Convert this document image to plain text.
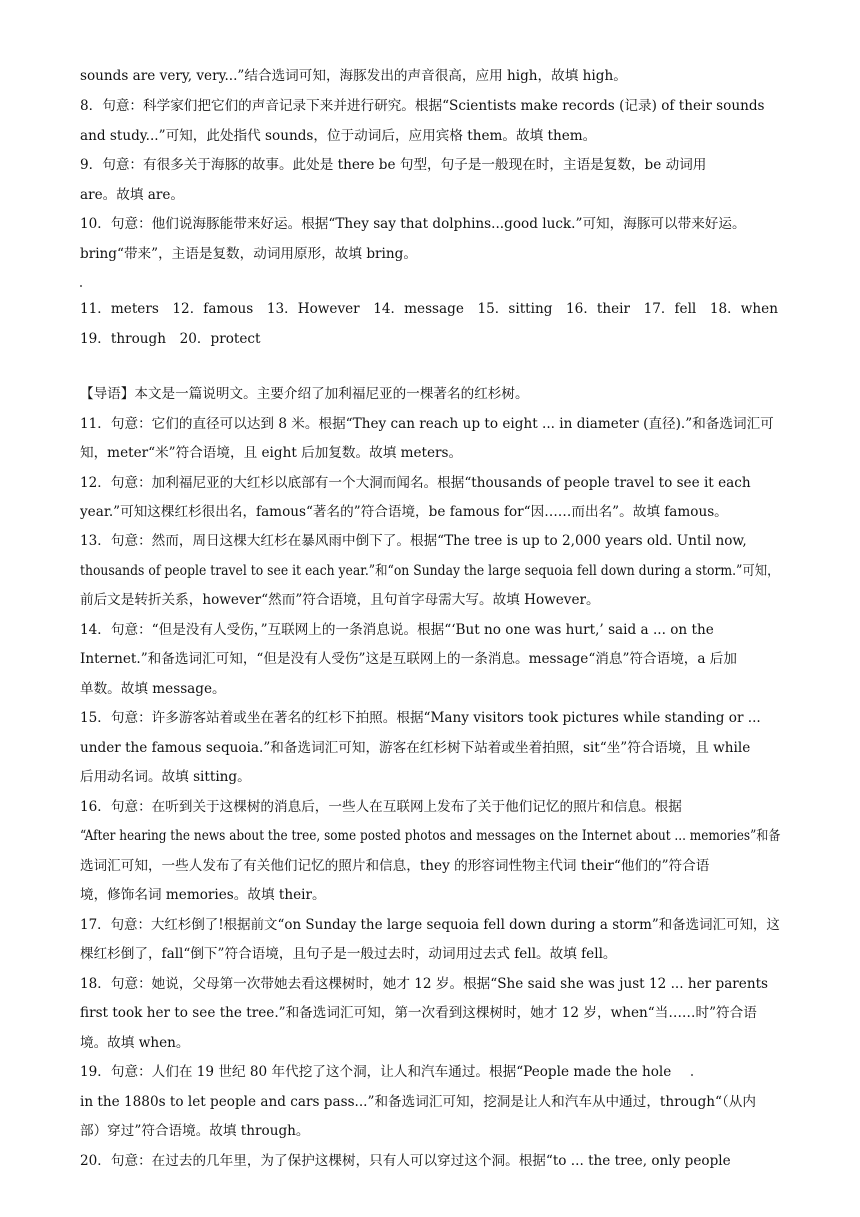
sounds are very, very...”结合选词可知，海豚发出的声音很高，应用 high，故填 high。
8．句意：科学家们把它们的声音记录下来并进行研究。根据“Scientists make records (记录) of their sounds
and study...”可知，此处指代 sounds，位于动词后，应用宾格 them。故填 them。
9．句意：有很多关于海豚的故事。此处是 there be 句型，句子是一般现在时，主语是复数，be 动词用
are。故填 are。
10．句意：他们说海豚能带来好运。根据“They say that dolphins...good luck.”可知，海豚可以带来好运。
bring“带来”，主语是复数，动词用原形，故填 bring。
11．meters　12．famous　13．However　14．message　15．sitting　16．their　17．fell　18．when
19．through　20．protect
【导语】本文是一篇说明文。主要介绍了加利福尼亚的一棵著名的红杉树。
11．句意：它们的直径可以达到 8 米。根据“They can reach up to eight ... in diameter (直径).”和备选词汇可
知，meter“米”符合语境，且 eight 后加复数。故填 meters。
12．句意：加利福尼亚的大红杉以底部有一个大洞而闻名。根据“thousands of people travel to see it each
year.”可知这棵红杉很出名，famous“著名的”符合语境，be famous for“因……而出名”。故填 famous。
13．句意：然而，周日这棵大红杉在暴风雨中倒下了。根据“The tree is up to 2,000 years old. Until now,
thousands of people travel to see it each year.”和“on Sunday the large sequoia fell down during a storm.”可知，
前后文是转折关系，however“然而”符合语境，且句首字母需大写。故填 However。
14．句意：“但是没有人受伤，”互联网上的一条消息说。根据“‘But no one was hurt,’ said a ... on the
Internet.”和备选词汇可知，“但是没有人受伤”这是互联网上的一条消息。message“消息”符合语境，a 后加
单数。故填 message。
15．句意：许多游客站着或坐在著名的红杉下拍照。根据“Many visitors took pictures while standing or ...
under the famous sequoia.”和备选词汇可知，游客在红杉树下站着或坐着拍照，sit“坐”符合语境，且 while
后用动名词。故填 sitting。
16．句意：在听到关于这棵树的消息后，一些人在互联网上发布了关于他们记忆的照片和信息。根据
“After hearing the news about the tree, some posted photos and messages on the Internet about ... memories”和备
选词汇可知，一些人发布了有关他们记忆的照片和信息，they 的形容词性物主代词 their“他们的”符合语
境，修饰名词 memories。故填 their。
17．句意：大红杉倒了!根据前文“on Sunday the large sequoia fell down during a storm”和备选词汇可知，这
棵红杉倒了，fall“倒下”符合语境，且句子是一般过去时，动词用过去式 fell。故填 fell。
18．句意：她说，父母第一次带她去看这棵树时，她才 12 岁。根据“She said she was just 12 ... her parents
first took her to see the tree.”和备选词汇可知，第一次看到这棵树时，她才 12 岁，when“当……时”符合语
境。故填 when。
19．句意：人们在 19 世纪 80 年代挖了这个洞，让人和汽车通过。根据“People made the hole
in the 1880s to let people and cars pass...”和备选词汇可知，挖洞是让人和汽车从中通过，through“（从内
部）穿过”符合语境。故填 through。
20．句意：在过去的几年里，为了保护这棵树，只有人可以穿过这个洞。根据“to ... the tree, only people
